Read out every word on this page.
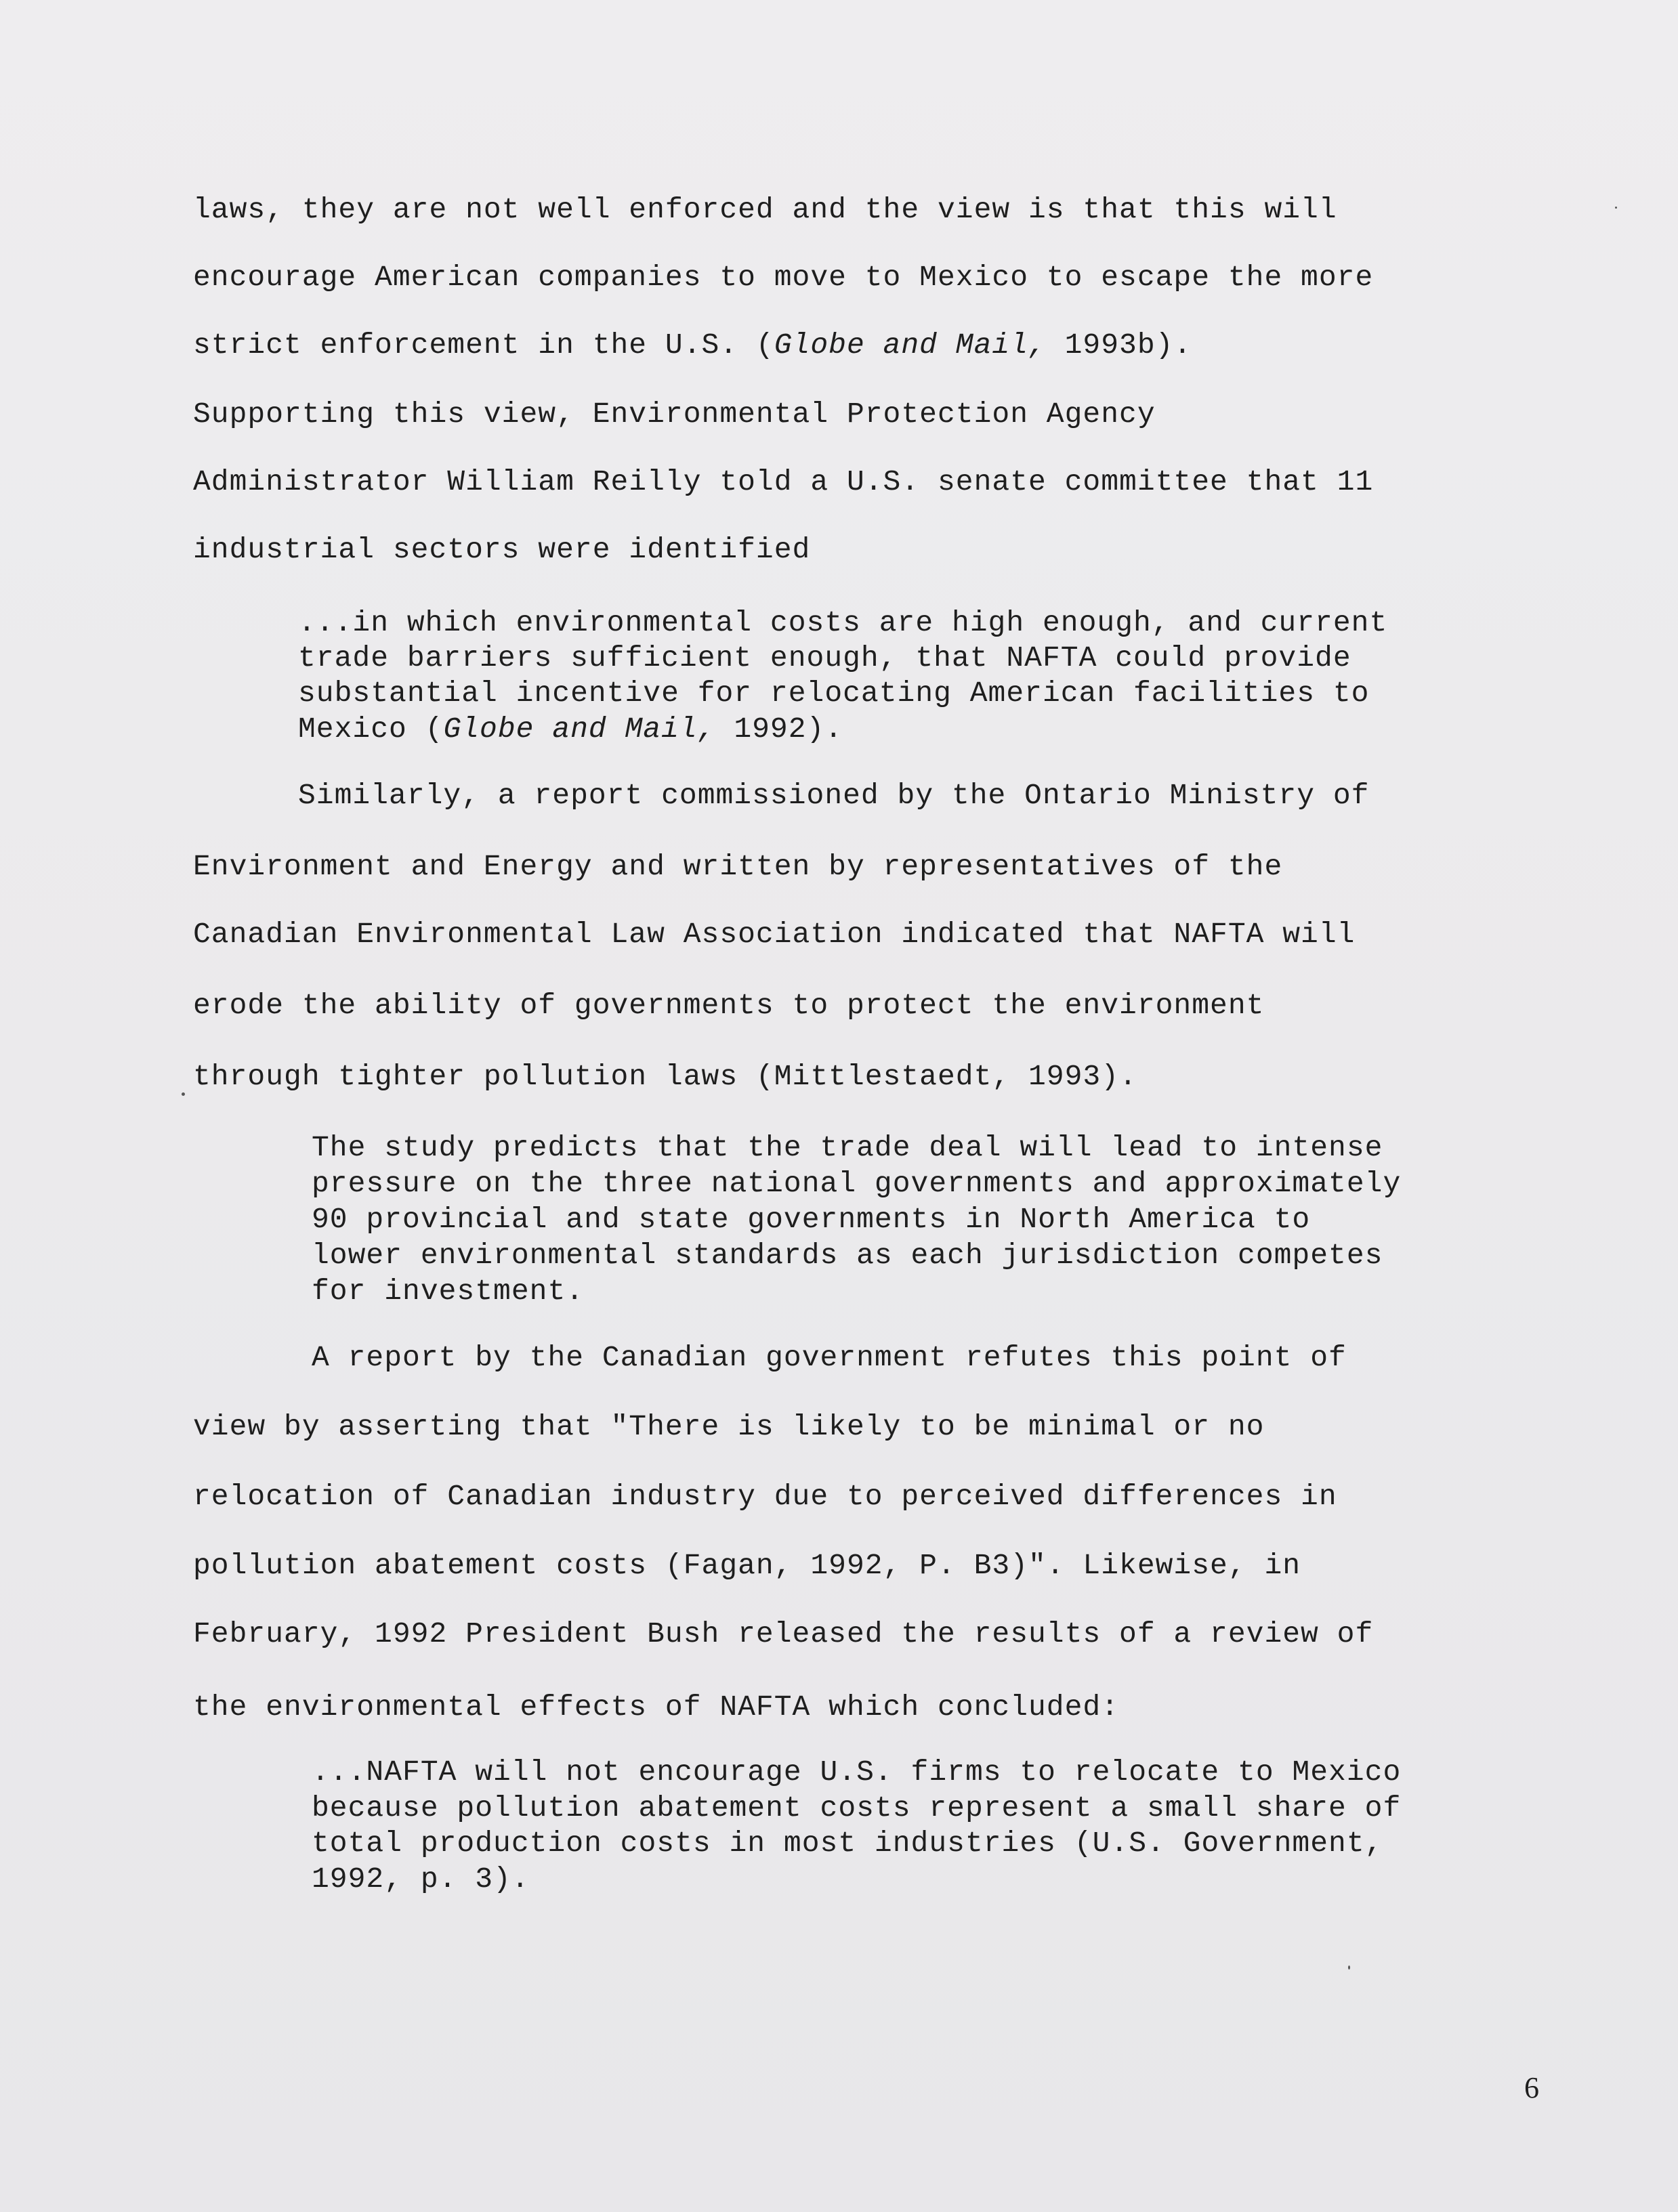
laws, they are not well enforced and the view is that this will
encourage American companies to move to Mexico to escape the more
strict enforcement in the U.S. (Globe and Mail, 1993b).
Supporting this view, Environmental Protection Agency
Administrator William Reilly told a U.S. senate committee that 11
industrial sectors were identified
...in which environmental costs are high enough, and current
trade barriers sufficient enough, that NAFTA could provide
substantial incentive for relocating American facilities to
Mexico (Globe and Mail, 1992).
Similarly, a report commissioned by the Ontario Ministry of
Environment and Energy and written by representatives of the
Canadian Environmental Law Association indicated that NAFTA will
erode the ability of governments to protect the environment
through tighter pollution laws (Mittlestaedt, 1993).
The study predicts that the trade deal will lead to intense
pressure on the three national governments and approximately
90 provincial and state governments in North America to
lower environmental standards as each jurisdiction competes
for investment.
A report by the Canadian government refutes this point of
view by asserting that "There is likely to be minimal or no
relocation of Canadian industry due to perceived differences in
pollution abatement costs (Fagan, 1992, P. B3)". Likewise, in
February, 1992 President Bush released the results of a review of
the environmental effects of NAFTA which concluded:
...NAFTA will not encourage U.S. firms to relocate to Mexico
because pollution abatement costs represent a small share of
total production costs in most industries (U.S. Government,
1992, p. 3).
6
